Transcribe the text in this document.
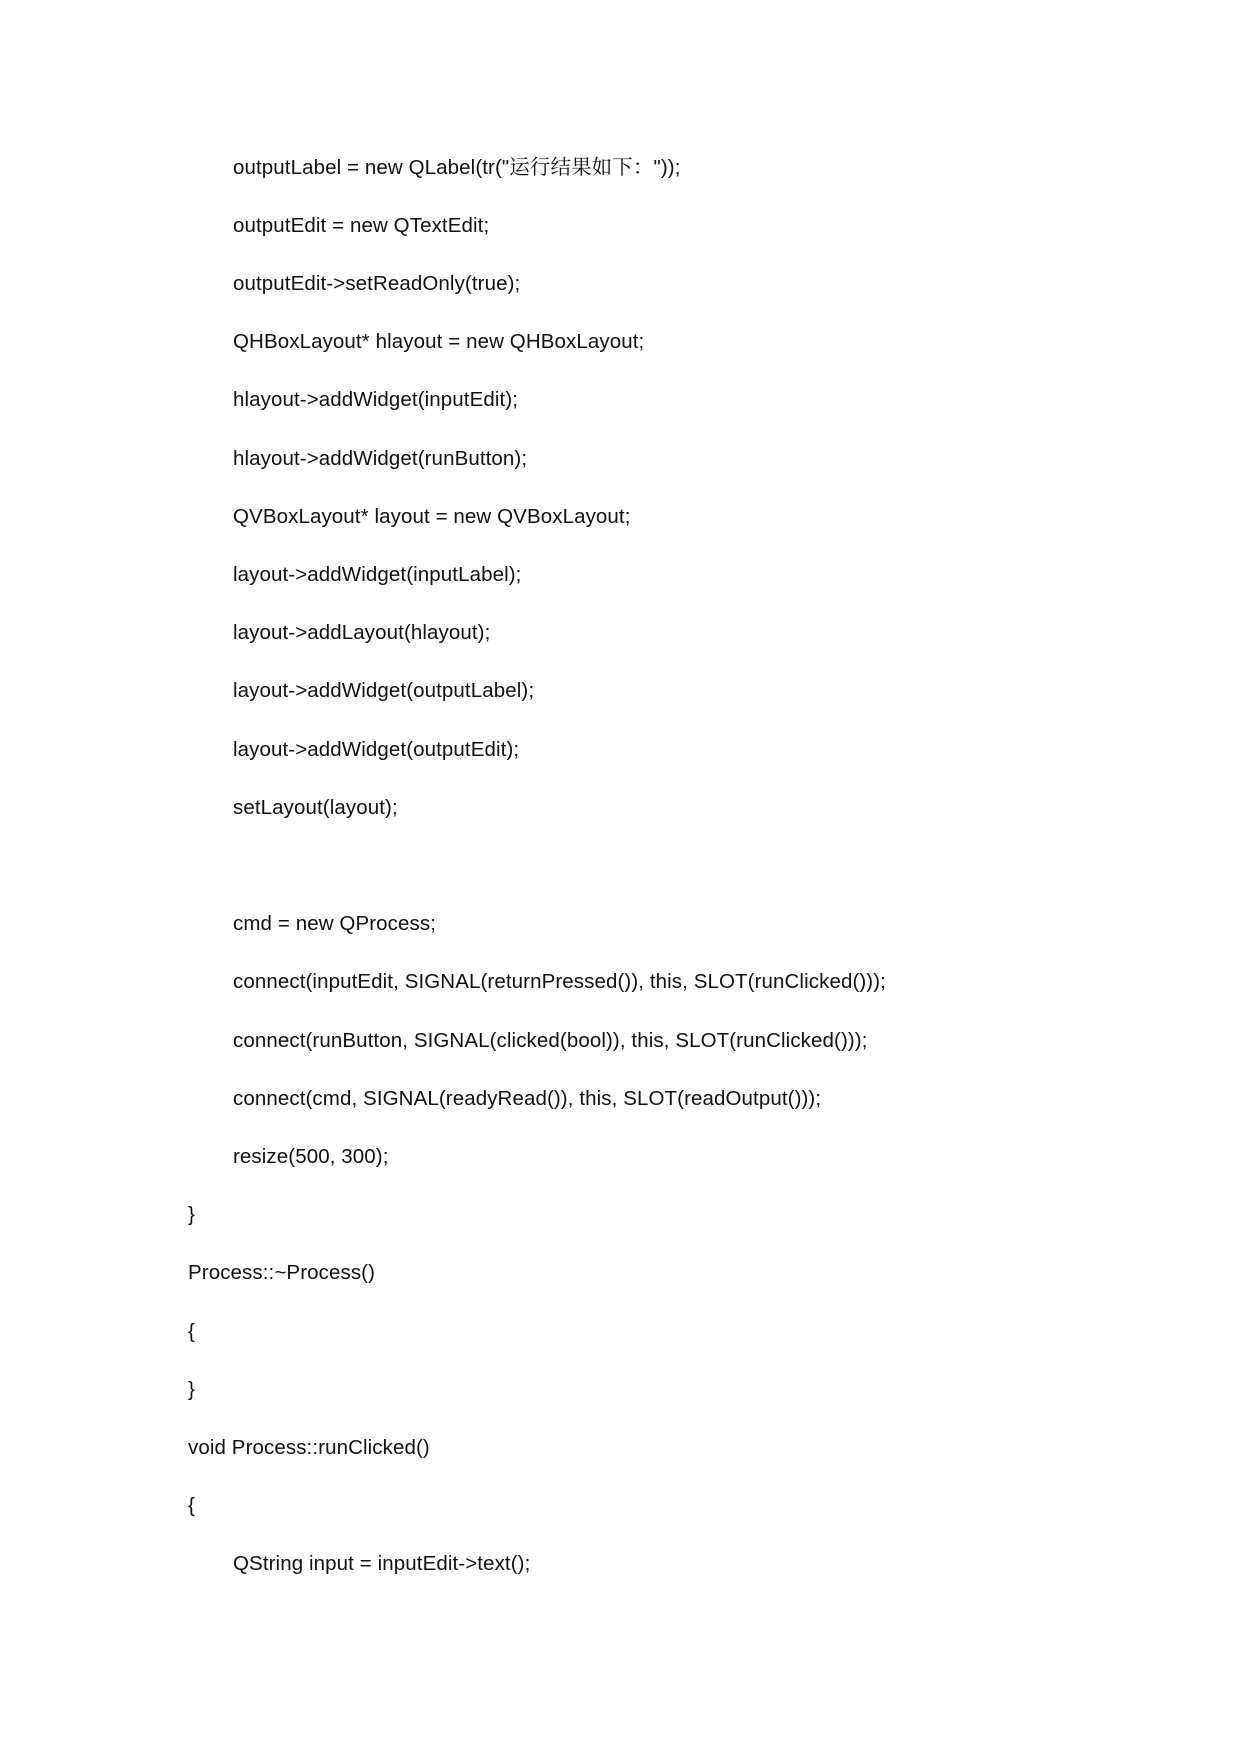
outputLabel = new QLabel(tr("运行结果如下："));
outputEdit = new QTextEdit;
outputEdit->setReadOnly(true);
QHBoxLayout* hlayout = new QHBoxLayout;
hlayout->addWidget(inputEdit);
hlayout->addWidget(runButton);
QVBoxLayout* layout = new QVBoxLayout;
layout->addWidget(inputLabel);
layout->addLayout(hlayout);
layout->addWidget(outputLabel);
layout->addWidget(outputEdit);
setLayout(layout);
cmd = new QProcess;
connect(inputEdit, SIGNAL(returnPressed()), this, SLOT(runClicked()));
connect(runButton, SIGNAL(clicked(bool)), this, SLOT(runClicked()));
connect(cmd, SIGNAL(readyRead()), this, SLOT(readOutput()));
resize(500, 300);
}
Process::~Process()
{
}
void Process::runClicked()
{
QString input = inputEdit->text();
